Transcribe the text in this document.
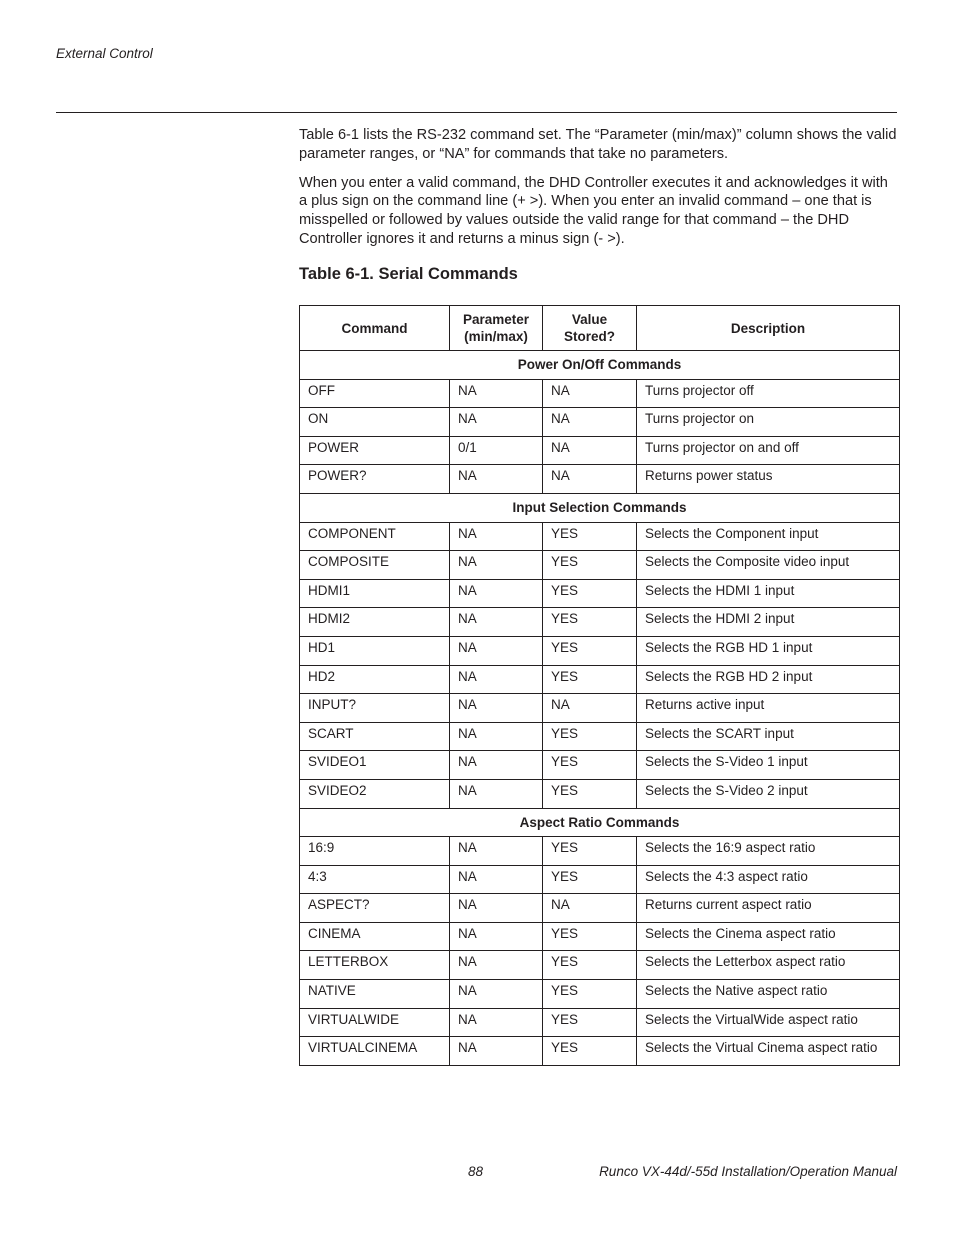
External Control

Table 6-1 lists the RS-232 command set. The “Parameter (min/max)” column shows the valid parameter ranges, or “NA” for commands that take no parameters.

When you enter a valid command, the DHD Controller executes it and acknowledges it with a plus sign on the command line (+ >). When you enter an invalid command – one that is misspelled or followed by values outside the valid range for that command – the DHD Controller ignores it and returns a minus sign (- >).

Table 6-1. Serial Commands
Command	Parameter (min/max)	Value Stored?	Description
Power On/Off Commands			
OFF	NA	NA	Turns projector off
ON	NA	NA	Turns projector on
POWER	0/1	NA	Turns projector on and off
POWER?	NA	NA	Returns power status
Input Selection Commands			
COMPONENT	NA	YES	Selects the Component input
COMPOSITE	NA	YES	Selects the Composite video input
HDMI1	NA	YES	Selects the HDMI 1 input
HDMI2	NA	YES	Selects the HDMI 2 input
HD1	NA	YES	Selects the RGB HD 1 input
HD2	NA	YES	Selects the RGB HD 2 input
INPUT?	NA	NA	Returns active input
SCART	NA	YES	Selects the SCART input
SVIDEO1	NA	YES	Selects the S-Video 1 input
SVIDEO2	NA	YES	Selects the S-Video 2 input
Aspect Ratio Commands			
16:9	NA	YES	Selects the 16:9 aspect ratio
4:3	NA	YES	Selects the 4:3 aspect ratio
ASPECT?	NA	NA	Returns current aspect ratio
CINEMA	NA	YES	Selects the Cinema aspect ratio
LETTERBOX	NA	YES	Selects the Letterbox aspect ratio
NATIVE	NA	YES	Selects the Native aspect ratio
VIRTUALWIDE	NA	YES	Selects the VirtualWide aspect ratio
VIRTUALCINEMA	NA	YES	Selects the Virtual Cinema aspect ratio
88	Runco VX-44d/-55d Installation/Operation Manual
